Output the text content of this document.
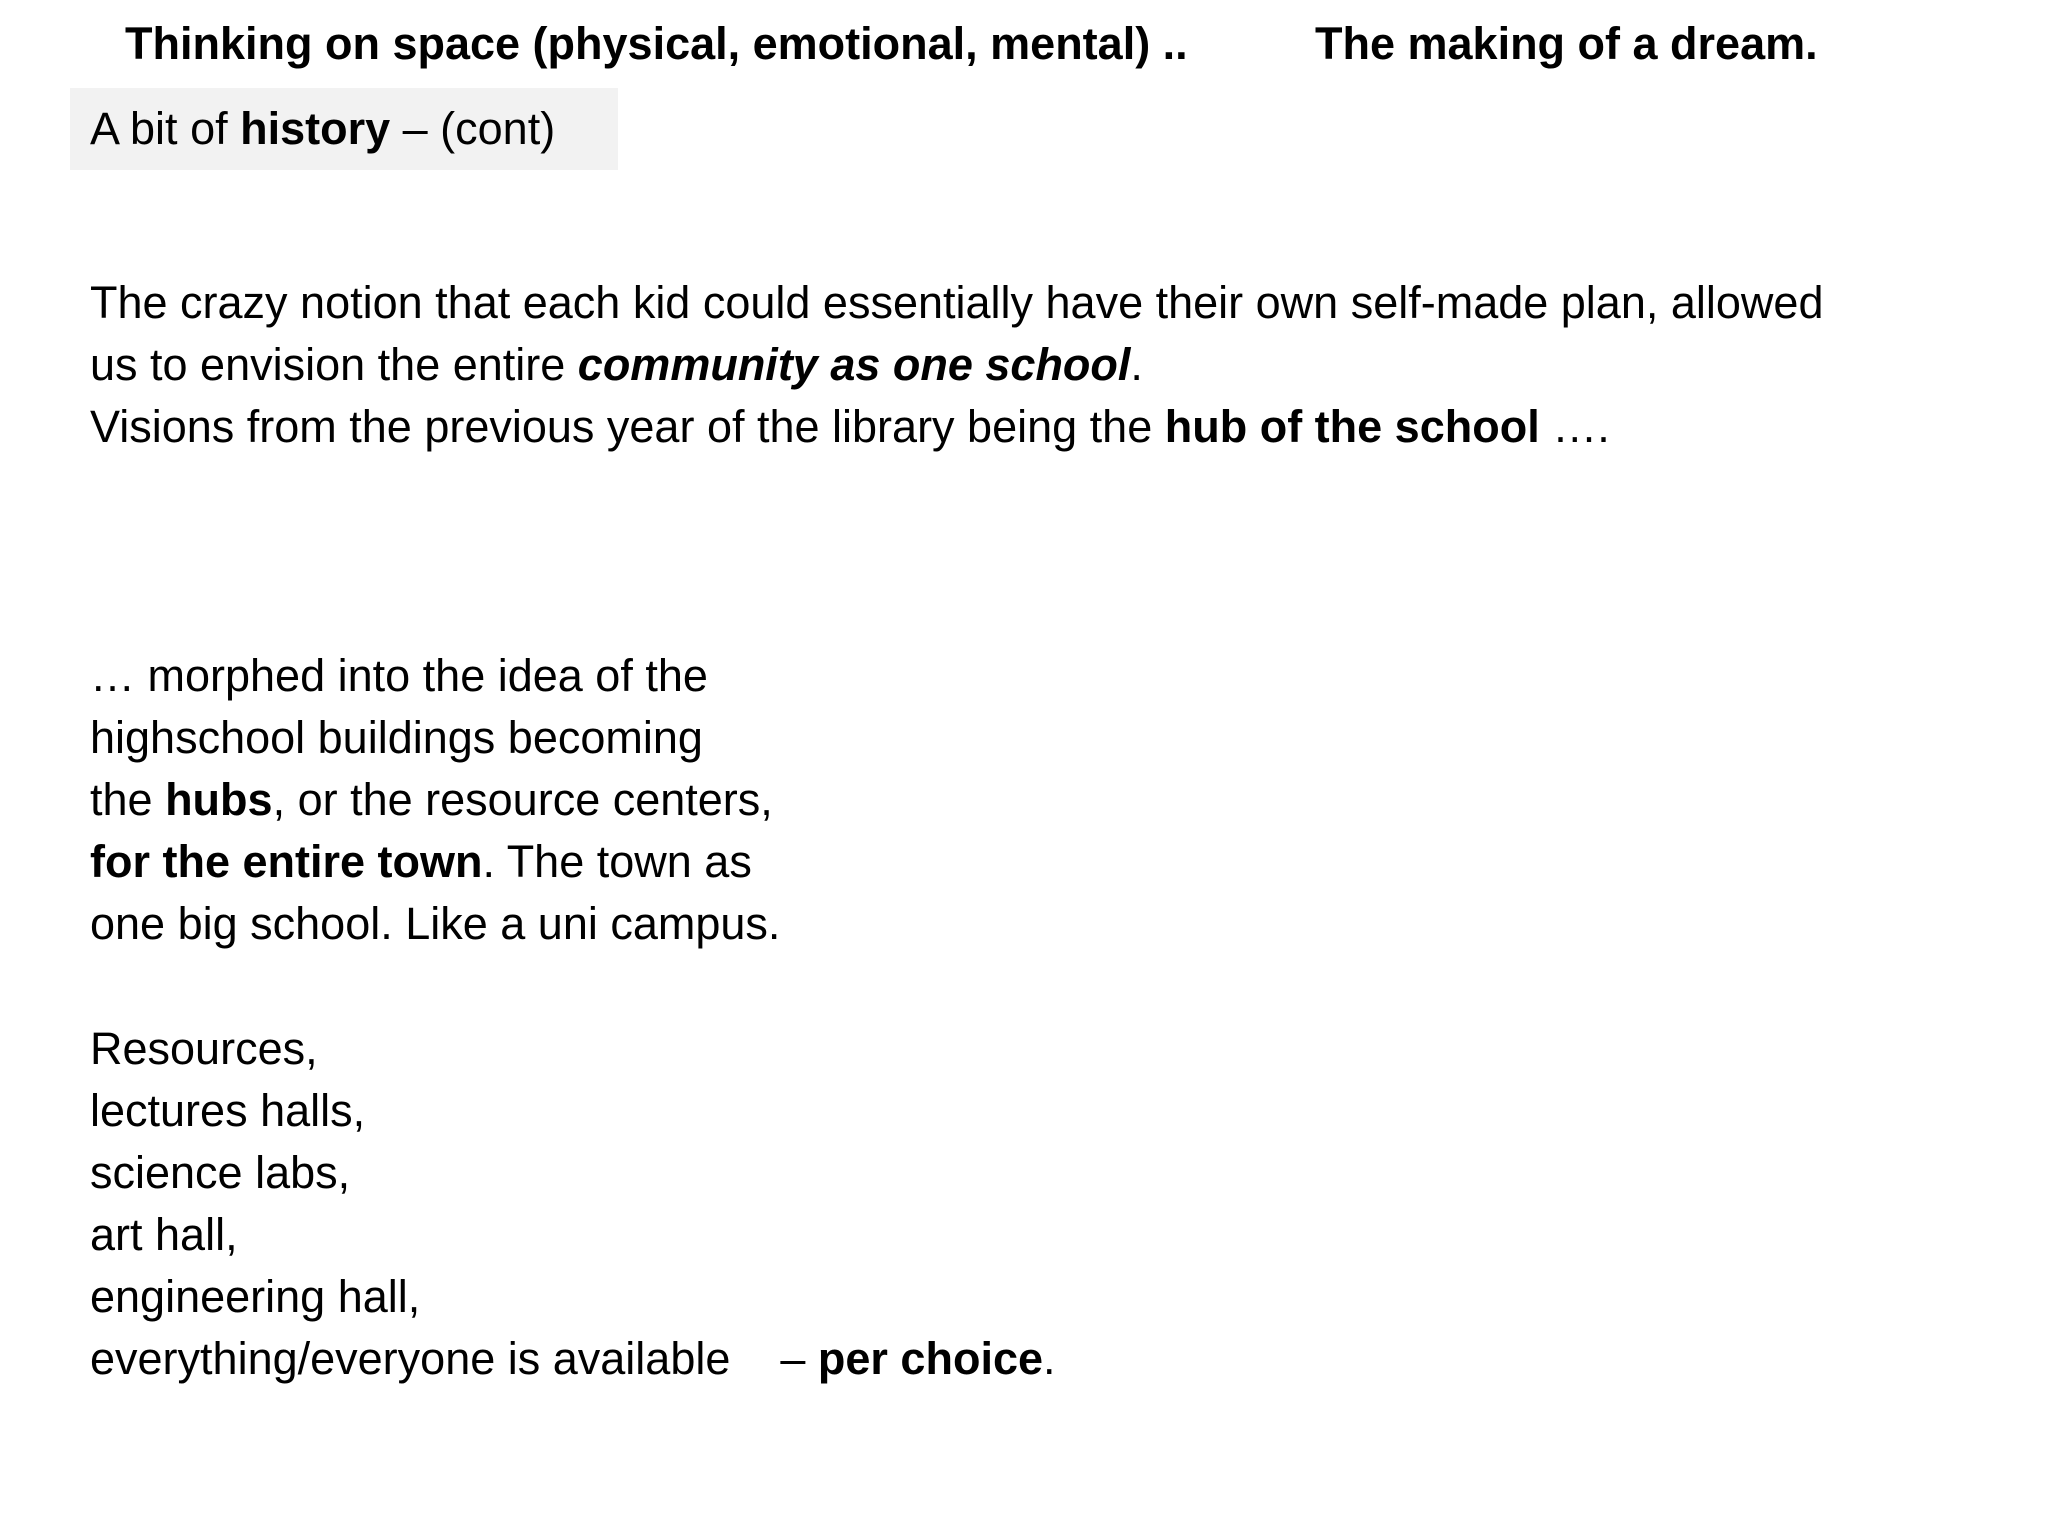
Thinking on space (physical, emotional, mental) ..	The making of a dream.
A bit of history – (cont)
The crazy notion that each kid could essentially have their own self-made plan, allowed
us to envision the entire community as one school.
Visions from the previous year of the library being the hub of the school ….
… morphed into the idea of the
highschool buildings becoming
the hubs, or the resource centers,
for the entire town. The town as
one big school. Like a uni campus.
Resources,
lectures halls,
science labs,
art hall,
engineering hall,
everything/everyone is available – per choice.
